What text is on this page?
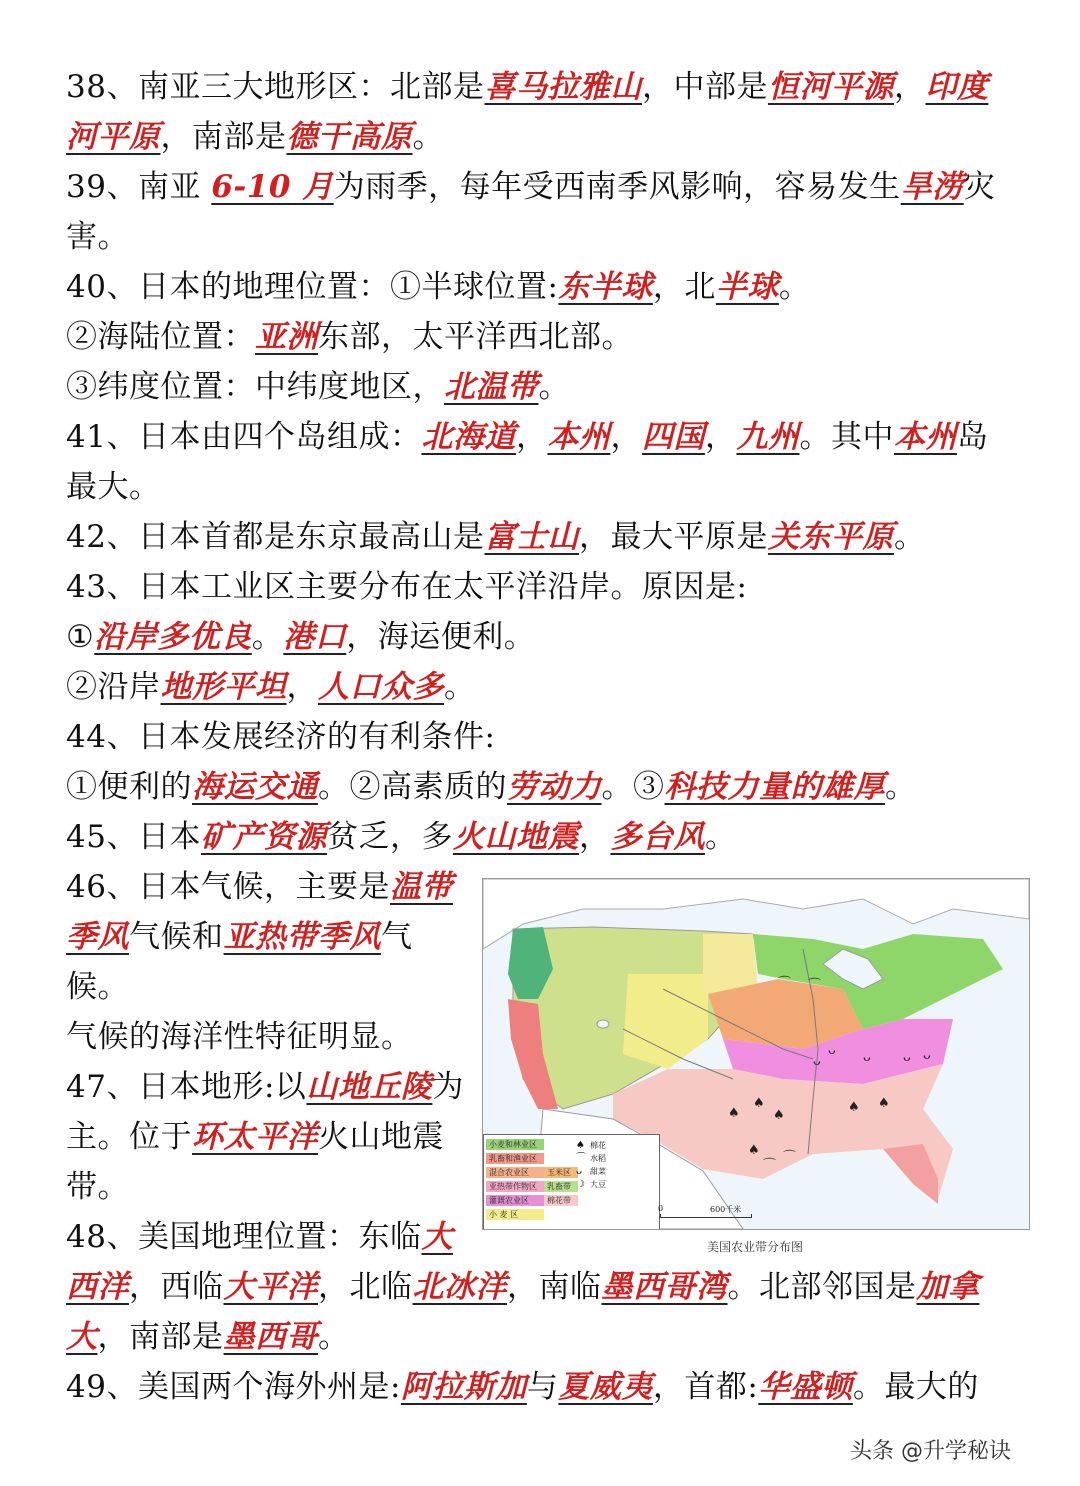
38、南亚三大地形区：北部是喜马拉雅山，中部是恒河平源，印度
河平原，南部是德干高原。
39、南亚 6-10 月为雨季，每年受西南季风影响，容易发生旱涝灾
害。
40、日本的地理位置：①半球位置:东半球，北半球。
②海陆位置：亚洲东部，太平洋西北部。
③纬度位置：中纬度地区，北温带。
41、日本由四个岛组成：北海道，本州，四国，九州。其中本州岛
最大。
42、日本首都是东京最高山是富士山，最大平原是关东平原。
43、日本工业区主要分布在太平洋沿岸。原因是:
①沿岸多优良。港口，海运便利。
②沿岸地形平坦，人口众多。
44、日本发展经济的有利条件:
①便利的海运交通。②高素质的劳动力。③科技力量的雄厚。
45、日本矿产资源贫乏，多火山地震，多台风。
46、日本气候，主要是温带
季风气候和亚热带季风气
候。
气候的海洋性特征明显。
47、日本地形:以山地丘陵为
主。位于环太平洋火山地震
带。
48、美国地理位置：东临大
西洋，西临大平洋，北临北冰洋，南临墨西哥湾。北部邻国是加拿
大，南部是墨西哥。
49、美国两个海外州是:阿拉斯加与夏威夷，首都:华盛顿。最大的
♠
♠
♠	♠ ♠
♠
ᴗ
ᴗ ᴗ ᴗ ᴗ
⌒ ⌒
⌒
⌒
小麦和林业区
乳畜和渔业区
混合农业区
亚热带作物区
灌溉农业区
小 麦 区
玉米区
乳畜带
棉花带
♠ 棉花
⌒ 水稻
ᴗ 甜菜
☽ 大豆
0	600千米
美国农业带分布图
头条 @升学秘诀
